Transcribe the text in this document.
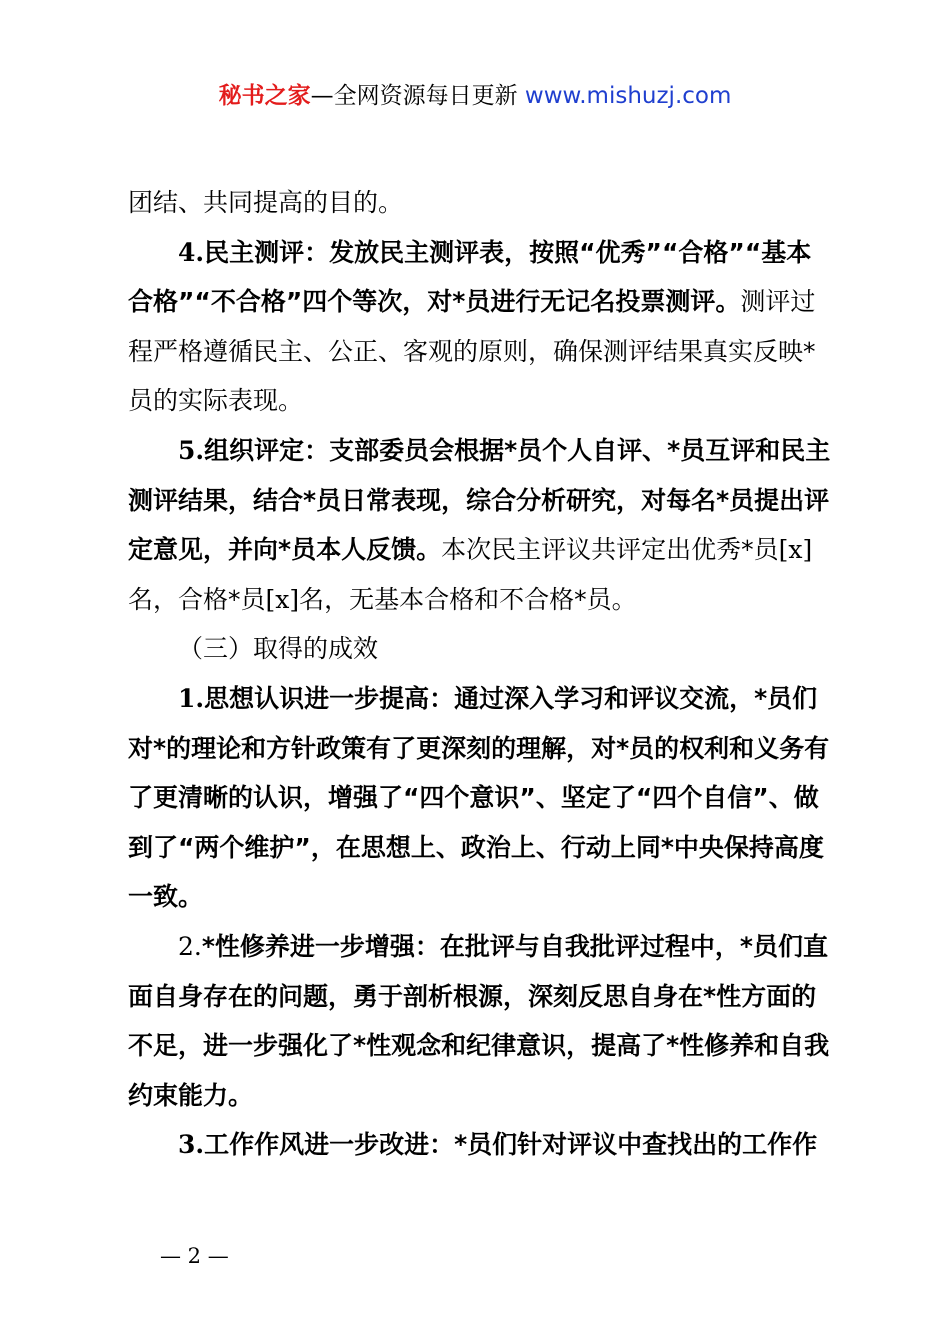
秘书之家—全网资源每日更新 www.mishuzj.com

团结、共同提高的目的。

4.民主测评：发放民主测评表，按照“优秀”“合格”“基本合格”“不合格”四个等次，对*员进行无记名投票测评。测评过程严格遵循民主、公正、客观的原则，确保测评结果真实反映*员的实际表现。

5.组织评定：支部委员会根据*员个人自评、*员互评和民主测评结果，结合*员日常表现，综合分析研究，对每名*员提出评定意见，并向*员本人反馈。本次民主评议共评定出优秀*员[x]名，合格*员[x]名，无基本合格和不合格*员。

（三）取得的成效

1.思想认识进一步提高：通过深入学习和评议交流，*员们对*的理论和方针政策有了更深刻的理解，对*员的权利和义务有了更清晰的认识，增强了“四个意识”、坚定了“四个自信”、做到了“两个维护”，在思想上、政治上、行动上同*中央保持高度一致。

2.*性修养进一步增强：在批评与自我批评过程中，*员们直面自身存在的问题，勇于剖析根源，深刻反思自身在*性方面的不足，进一步强化了*性观念和纪律意识，提高了*性修养和自我约束能力。

3.工作作风进一步改进：*员们针对评议中查找出的工作作

— 2 —
